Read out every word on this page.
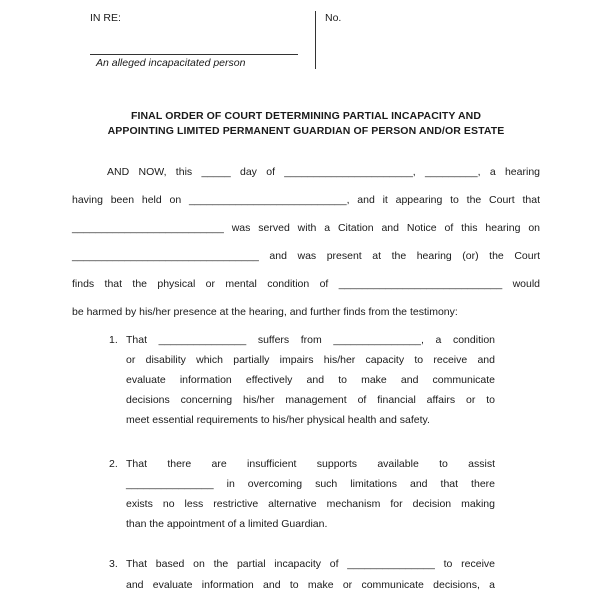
IN RE:
An alleged incapacitated person
No.
FINAL ORDER OF COURT DETERMINING PARTIAL INCAPACITY AND
APPOINTING LIMITED PERMANENT GUARDIAN OF PERSON AND/OR ESTATE
AND NOW, this _____ day of ______________________, _________, a hearing
having been held on ___________________________, and it appearing to the Court that
__________________________ was served with a Citation and Notice of this hearing on
________________________________ and was present at the hearing (or) the Court
finds that the physical or mental condition of ____________________________ would
be harmed by his/her presence at the hearing, and further finds from the testimony:
1. That _______________ suffers from _______________, a condition
or disability which partially impairs his/her capacity to receive and
evaluate information effectively and to make and communicate
decisions concerning his/her management of financial affairs or to
meet essential requirements to his/her physical health and safety.
2. That there are insufficient supports available to assist
_______________ in overcoming such limitations and that there
exists no less restrictive alternative mechanism for decision making
than the appointment of a limited Guardian.
3. That based on the partial incapacity of _______________ to receive
and evaluate information and to make or communicate decisions, a
